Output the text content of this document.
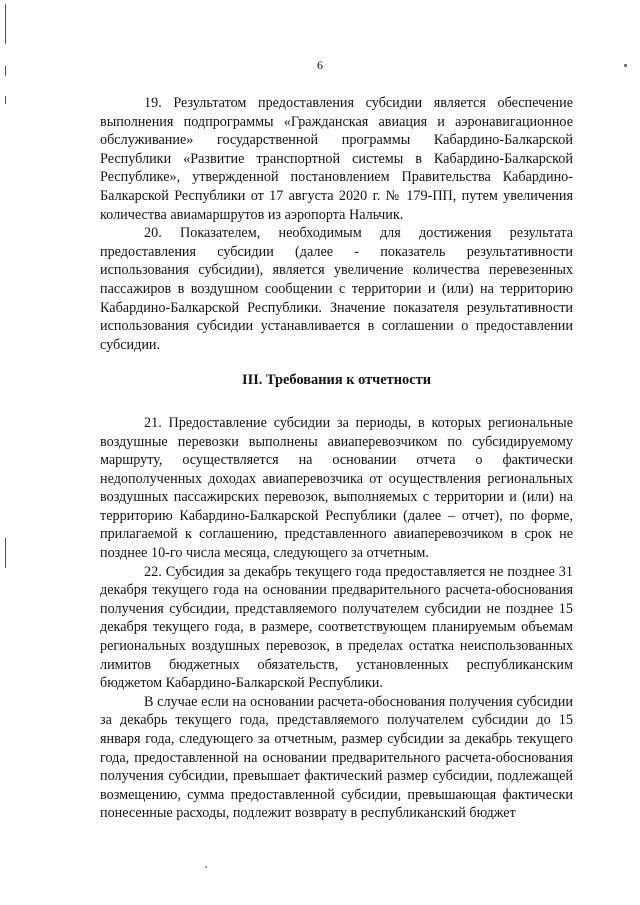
6

19. Результатом предоставления субсидии является обеспечение выполнения подпрограммы «Гражданская авиация и аэронавигационное обслуживание» государственной программы Кабардино-Балкарской Республики «Развитие транспортной системы в Кабардино-Балкарской Республике», утвержденной постановлением Правительства Кабардино-Балкарской Республики от 17 августа 2020 г. № 179-ПП, путем увеличения количества авиамаршрутов из аэропорта Нальчик.

20. Показателем, необходимым для достижения результата предоставления субсидии (далее - показатель результативности использования субсидии), является увеличение количества перевезенных пассажиров в воздушном сообщении с территории и (или) на территорию Кабардино-Балкарской Республики. Значение показателя результативности использования субсидии устанавливается в соглашении о предоставлении субсидии.

III. Требования к отчетности

21. Предоставление субсидии за периоды, в которых региональные воздушные перевозки выполнены авиаперевозчиком по субсидируемому маршруту, осуществляется на основании отчета о фактически недополученных доходах авиаперевозчика от осуществления региональных воздушных пассажирских перевозок, выполняемых с территории и (или) на территорию Кабардино-Балкарской Республики (далее – отчет), по форме, прилагаемой к соглашению, представленного авиаперевозчиком в срок не позднее 10-го числа месяца, следующего за отчетным.

22. Субсидия за декабрь текущего года предоставляется не позднее 31 декабря текущего года на основании предварительного расчета-обоснования получения субсидии, представляемого получателем субсидии не позднее 15 декабря текущего года, в размере, соответствующем планируемым объемам региональных воздушных перевозок, в пределах остатка неиспользованных лимитов бюджетных обязательств, установленных республиканским бюджетом Кабардино-Балкарской Республики.

В случае если на основании расчета-обоснования получения субсидии за декабрь текущего года, представляемого получателем субсидии до 15 января года, следующего за отчетным, размер субсидии за декабрь текущего года, предоставленной на основании предварительного расчета-обоснования получения субсидии, превышает фактический размер субсидии, подлежащей возмещению, сумма предоставленной субсидии, превышающая фактически понесенные расходы, подлежит возврату в республиканский бюджет
